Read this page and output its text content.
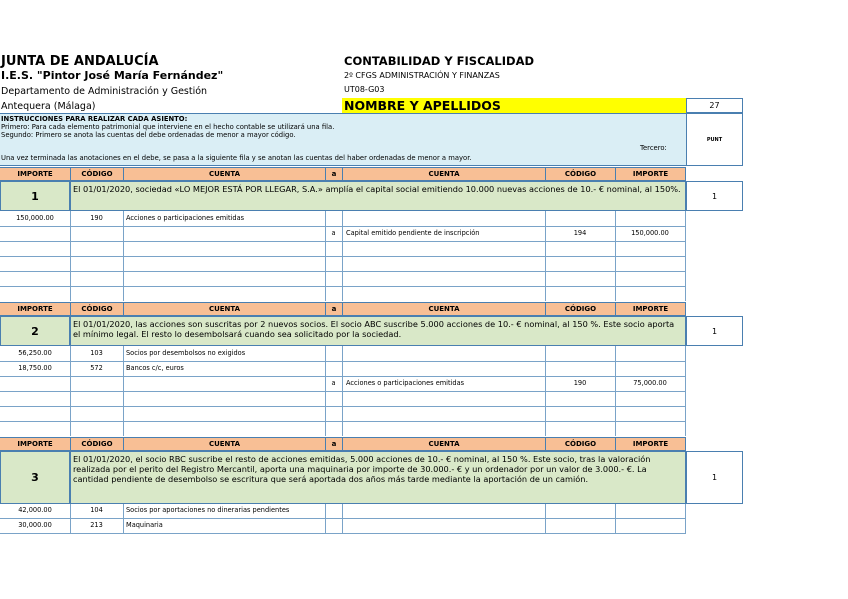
JUNTA DE ANDALUCÍA
I.E.S. "Pintor José María Fernández"
Departamento de Administración y Gestión
Antequera (Málaga)
CONTABILIDAD Y FISCALIDAD
2º CFGS ADMINISTRACIÓN Y FINANZAS
UT08-G03
NOMBRE Y APELLIDOS	27
INSTRUCCIONES PARA REALIZAR CADA ASIENTO:
Primero: Para cada elemento patrimonial que interviene en el hecho contable se utilizará una fila.
Segundo: Primero se anota las cuentas del debe ordenadas de menor a mayor código.
Tercero:
Una vez terminada las anotaciones en el debe, se pasa a la siguiente fila y se anotan las cuentas del haber ordenadas de menor a mayor.
PUNT
IMPORTE	CÓDIGO	CUENTA	a	CUENTA	CÓDIGO	IMPORTE
1
El 01/01/2020, sociedad «LO MEJOR ESTÁ POR LLEGAR, S.A.» amplía el capital social emitiendo 10.000 nuevas acciones de 10.- € nominal, al 150%.
1
150,000.00	190	Acciones o participaciones emitidas
a	Capital emitido pendiente de inscripción	194	150,000.00
IMPORTE	CÓDIGO	CUENTA	a	CUENTA	CÓDIGO	IMPORTE
2
El 01/01/2020, las acciones son suscritas por 2 nuevos socios. El socio ABC suscribe 5.000 acciones de 10.- € nominal, al 150 %. Este socio aporta el mínimo legal. El resto lo desembolsará cuando sea solicitado por la sociedad.	1
56,250.00	103	Socios por desembolsos no exigidos
18,750.00	572	Bancos c/c, euros
a	Acciones o participaciones emitidas	190	75,000.00
IMPORTE	CÓDIGO	CUENTA	a	CUENTA	CÓDIGO	IMPORTE
3
El 01/01/2020, el socio RBC suscribe el resto de acciones emitidas, 5.000 acciones de 10.- € nominal, al 150 %. Este socio, tras la valoración realizada por el perito del Registro Mercantil, aporta una maquinaria por importe de 30.000.- € y un ordenador por un valor de 3.000.- €. La cantidad pendiente de desembolso se escritura que será aportada dos años más tarde mediante la aportación de un camión.	1
42,000.00	104	Socios por aportaciones no dinerarias pendientes
30,000.00	213	Maquinaria
